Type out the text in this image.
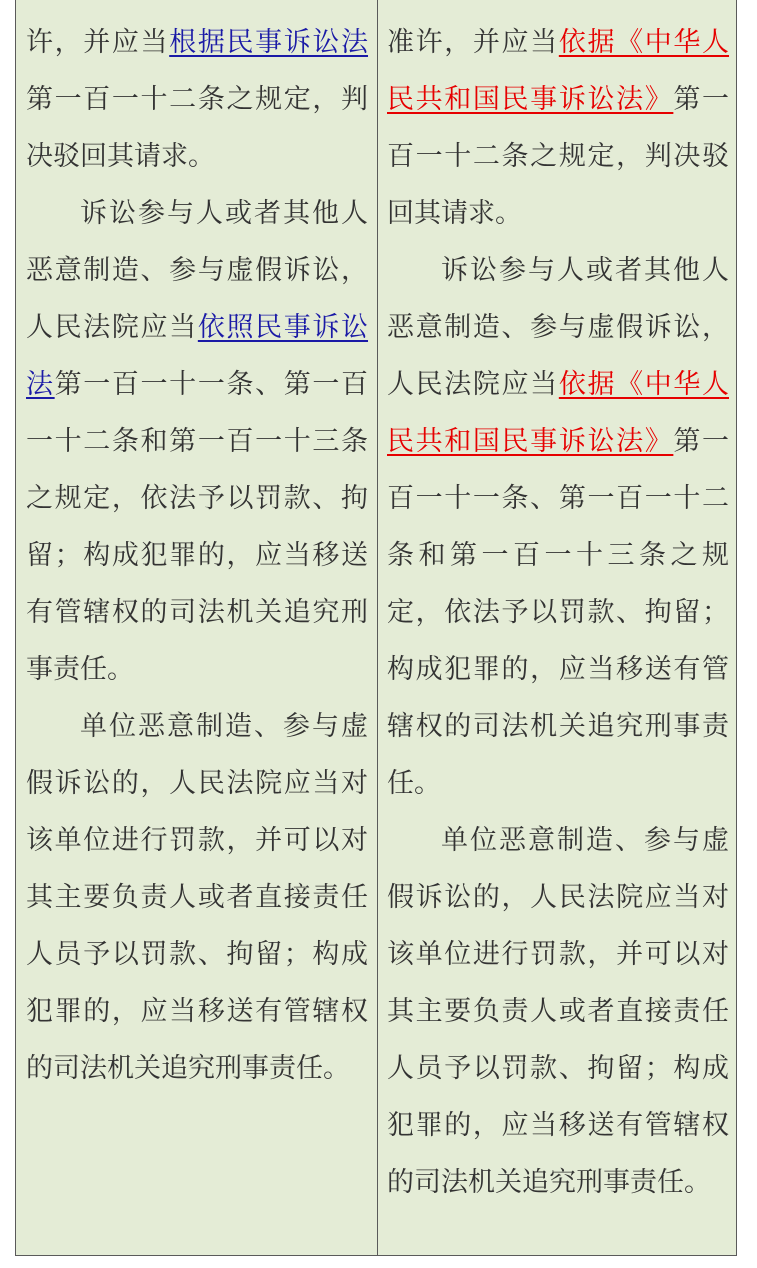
许，并应当根据民事诉讼法第一百一十二条之规定，判决驳回其请求。

诉讼参与人或者其他人恶意制造、参与虚假诉讼，人民法院应当依照民事诉讼法第一百一十一条、第一百一十二条和第一百一十三条之规定，依法予以罚款、拘留；构成犯罪的，应当移送有管辖权的司法机关追究刑事责任。

单位恶意制造、参与虚假诉讼的，人民法院应当对该单位进行罚款，并可以对其主要负责人或者直接责任人员予以罚款、拘留；构成犯罪的，应当移送有管辖权的司法机关追究刑事责任。

准许，并应当依据《中华人民共和国民事诉讼法》第一百一十二条之规定，判决驳回其请求。

诉讼参与人或者其他人恶意制造、参与虚假诉讼，人民法院应当依据《中华人民共和国民事诉讼法》第一百一十一条、第一百一十二条和第一百一十三条之规定，依法予以罚款、拘留；构成犯罪的，应当移送有管辖权的司法机关追究刑事责任。

单位恶意制造、参与虚假诉讼的，人民法院应当对该单位进行罚款，并可以对其主要负责人或者直接责任人员予以罚款、拘留；构成犯罪的，应当移送有管辖权的司法机关追究刑事责任。
